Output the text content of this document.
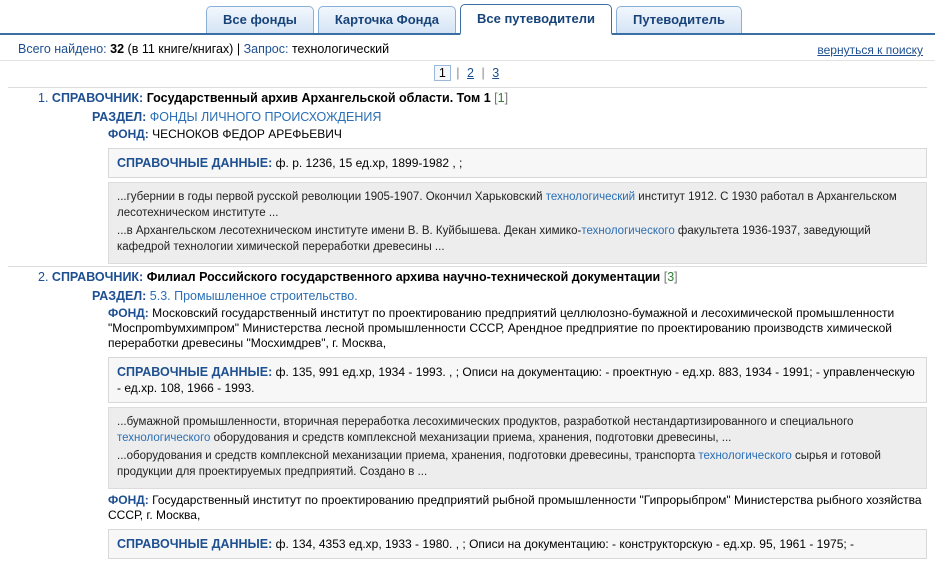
Все фонды	Карточка Фонда	Все путеводители	Путеводитель
Всего найдено: 32 (в 11 книге/книгах) | Запрос: технологический	вернуться к поиску
1 | 2 | 3
1. СПРАВОЧНИК: Государственный архив Архангельской области. Том 1 [1]
РАЗДЕЛ: ФОНДЫ ЛИЧНОГО ПРОИСХОЖДЕНИЯ
ФОНД: ЧЕСНОКОВ ФЕДОР АРЕФЬЕВИЧ
СПРАВОЧНЫЕ ДАННЫЕ: ф. р. 1236, 15 ед.хр, 1899-1982 , ;

...губернии в годы первой русской революции 1905-1907. Окончил Харьковский технологический институт 1912. С 1930 работал в Архангельском лесотехническом институте ...

...в Архангельском лесотехническом институте имени В. В. Куйбышева. Декан химико-технологического факультета 1936-1937, заведующий кафедрой технологии химической переработки древесины ...

2. СПРАВОЧНИК: Филиал Российского государственного архива научно-технической документации [3]
РАЗДЕЛ: 5.3. Промышленное строительство.
ФОНД: Московский государственный институт по проектированию предприятий целлюлозно-бумажной и лесохимической промышленности "Моспрombумхимпром" Министерства лесной промышленности СССР, Арендное предприятие по проектированию производств химической переработки древесины "Мосхимдрев", г. Москва,
СПРАВОЧНЫЕ ДАННЫЕ: ф. 135, 991 ед.хр, 1934 - 1993. , ; Описи на документацию: - проектную - ед.хр. 883, 1934 - 1991; - управленческую - ед.хр. 108, 1966 - 1993.

...бумажной промышленности, вторичная переработка лесохимических продуктов, разработкой нестандартизированного и специального технологического оборудования и средств комплексной механизации приема, хранения, подготовки древесины, ...

...оборудования и средств комплексной механизации приема, хранения, подготовки древесины, транспорта технологического сырья и готовой продукции для проектируемых предприятий. Создано в ...

ФОНД: Государственный институт по проектированию предприятий рыбной промышленности "Гипрорыбпром" Министерства рыбного хозяйства СССР, г. Москва,
СПРАВОЧНЫЕ ДАННЫЕ: ф. 134, 4353 ед.хр, 1933 - 1980. , ; Описи на документацию: - конструкторскую - ед.хр. 95, 1961 - 1975; -
